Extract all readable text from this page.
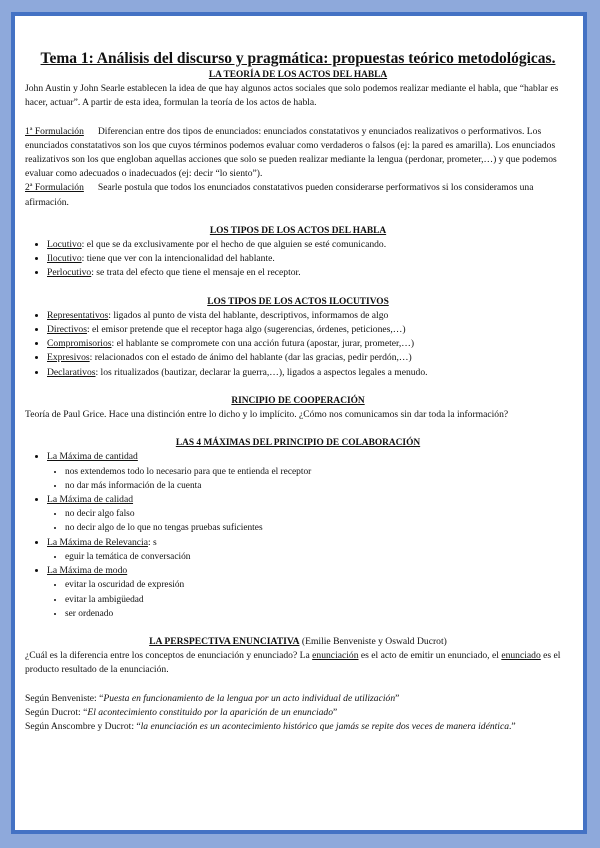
Tema 1: Análisis del discurso y pragmática: propuestas teórico metodológicas.
LA TEORÍA DE LOS ACTOS DEL HABLA

John Austin y John Searle establecen la idea de que hay algunos actos sociales que solo podemos realizar mediante el habla, que “hablar es hacer, actuar”. A partir de esta idea, formulan la teoría de los actos de habla.

1ª Formulación Diferencian entre dos tipos de enunciados: enunciados constatativos y enunciados realizativos o performativos. Los enunciados constatativos son los que cuyos términos podemos evaluar como verdaderos o falsos (ej: la pared es amarilla). Los enunciados realizativos son los que engloban aquellas acciones que solo se pueden realizar mediante la lengua (perdonar, prometer,…) y que podemos evaluar como adecuados o inadecuados (ej: decir “lo siento”).

2ª Formulación Searle postula que todos los enunciados constatativos pueden considerarse performativos si los consideramos una afirmación.

LOS TIPOS DE LOS ACTOS DEL HABLA
• Locutivo: el que se da exclusivamente por el hecho de que alguien se esté comunicando.
• Ilocutivo: tiene que ver con la intencionalidad del hablante.
• Perlocutivo: se trata del efecto que tiene el mensaje en el receptor.
LOS TIPOS DE LOS ACTOS ILOCUTIVOS
• Representativos: ligados al punto de vista del hablante, descriptivos, informamos de algo
• Directivos: el emisor pretende que el receptor haga algo (sugerencias, órdenes, peticiones,…)
• Compromisorios: el hablante se compromete con una acción futura (apostar, jurar, prometer,…)
• Expresivos: relacionados con el estado de ánimo del hablante (dar las gracias, pedir perdón,…)
• Declarativos: los ritualizados (bautizar, declarar la guerra,…), ligados a aspectos legales a menudo.
RINCIPIO DE COOPERACIÓN

Teoría de Paul Grice. Hace una distinción entre lo dicho y lo implícito. ¿Cómo nos comunicamos sin dar toda la información?

LAS 4 MÁXIMAS DEL PRINCIPIO DE COLABORACIÓN
• La Máxima de cantidad
• nos extendemos todo lo necesario para que te entienda el receptor
• no dar más información de la cuenta
• La Máxima de calidad
• no decir algo falso
• no decir algo de lo que no tengas pruebas suficientes
• La Máxima de Relevancia: s
• eguir la temática de conversación
• La Máxima de modo
• evitar la oscuridad de expresión
• evitar la ambigüedad
• ser ordenado

LA PERSPECTIVA ENUNCIATIVA (Emilie Benveniste y Oswald Ducrot)

¿Cuál es la diferencia entre los conceptos de enunciación y enunciado? La enunciación es el acto de emitir un enunciado, el enunciado es el producto resultado de la enunciación.

Según Benveniste: “Puesta en funcionamiento de la lengua por un acto individual de utilización”

Según Ducrot: “El acontecimiento constituido por la aparición de un enunciado”

Según Anscombre y Ducrot: “la enunciación es un acontecimiento histórico que jamás se repite dos veces de manera idéntica.”
